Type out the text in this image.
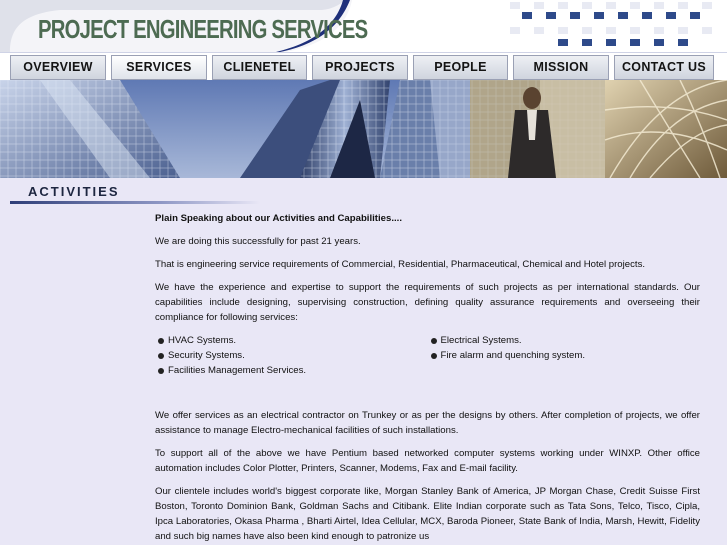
PROJECT ENGINEERING SERVICES
OVERVIEW	SERVICES	CLIENETEL	PROJECTS	PEOPLE	MISSION	CONTACT US
ACTIVITIES

Plain Speaking about our Activities and Capabilities....

We are doing this successfully for past 21 years.

That is engineering service requirements of Commercial, Residential, Pharmaceutical, Chemical and Hotel projects.

We have the experience and expertise to support the requirements of such projects as per international standards. Our capabilities include designing, supervising construction, defining quality assurance requirements and overseeing their compliance for following services:

HVAC Systems.
Security Systems.
Facilities Management Services.
Electrical Systems.
Fire alarm and quenching system.

We offer services as an electrical contractor on Trunkey or as per the designs by others. After completion of projects, we offer assistance to manage Electro-mechanical facilities of such installations.

To support all of the above we have Pentium based networked computer systems working under WINXP. Other office automation includes Color Plotter, Printers, Scanner, Modems, Fax and E-mail facility.

Our clientele includes world's biggest corporate like, Morgan Stanley Bank of America, JP Morgan Chase, Credit Suisse First Boston, Toronto Dominion Bank, Goldman Sachs and Citibank. Elite Indian corporate such as Tata Sons, Telco, Tisco, Cipla, Ipca Laboratories, Okasa Pharma , Bharti Airtel, Idea Cellular, MCX, Baroda Pioneer, State Bank of India, Marsh, Hewitt, Fidelity and such big names have also been kind enough to patronize us
